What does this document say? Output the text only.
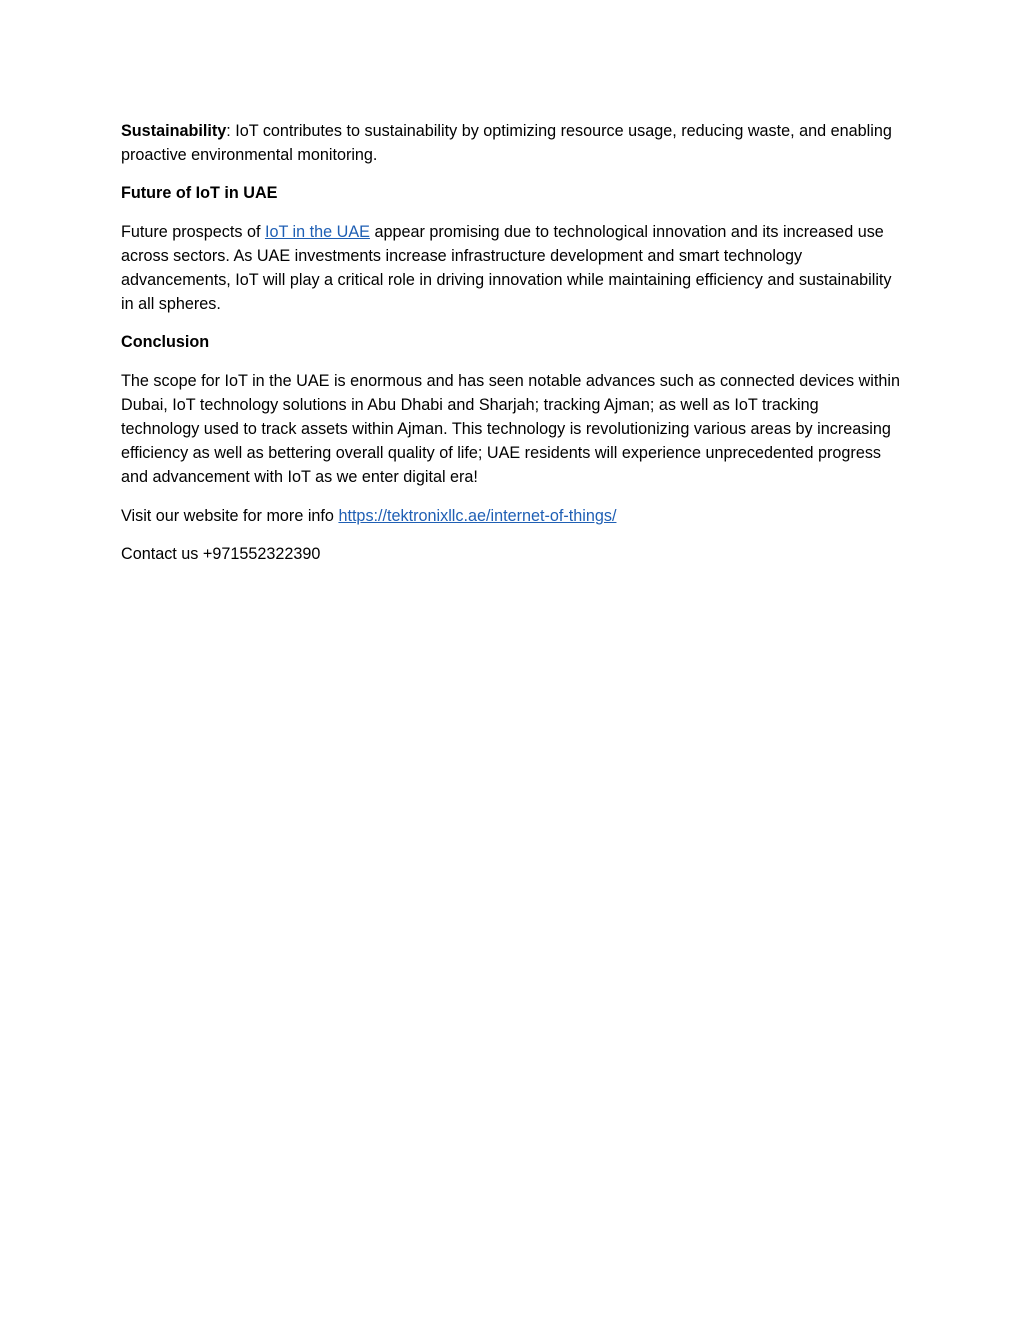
Sustainability: IoT contributes to sustainability by optimizing resource usage, reducing waste, and enabling proactive environmental monitoring.

Future of IoT in UAE

Future prospects of IoT in the UAE appear promising due to technological innovation and its increased use across sectors. As UAE investments increase infrastructure development and smart technology advancements, IoT will play a critical role in driving innovation while maintaining efficiency and sustainability in all spheres.

Conclusion

The scope for IoT in the UAE is enormous and has seen notable advances such as connected devices within Dubai, IoT technology solutions in Abu Dhabi and Sharjah; tracking Ajman; as well as IoT tracking technology used to track assets within Ajman. This technology is revolutionizing various areas by increasing efficiency as well as bettering overall quality of life; UAE residents will experience unprecedented progress and advancement with IoT as we enter digital era!

Visit our website for more info https://tektronixllc.ae/internet-of-things/

Contact us +971552322390
